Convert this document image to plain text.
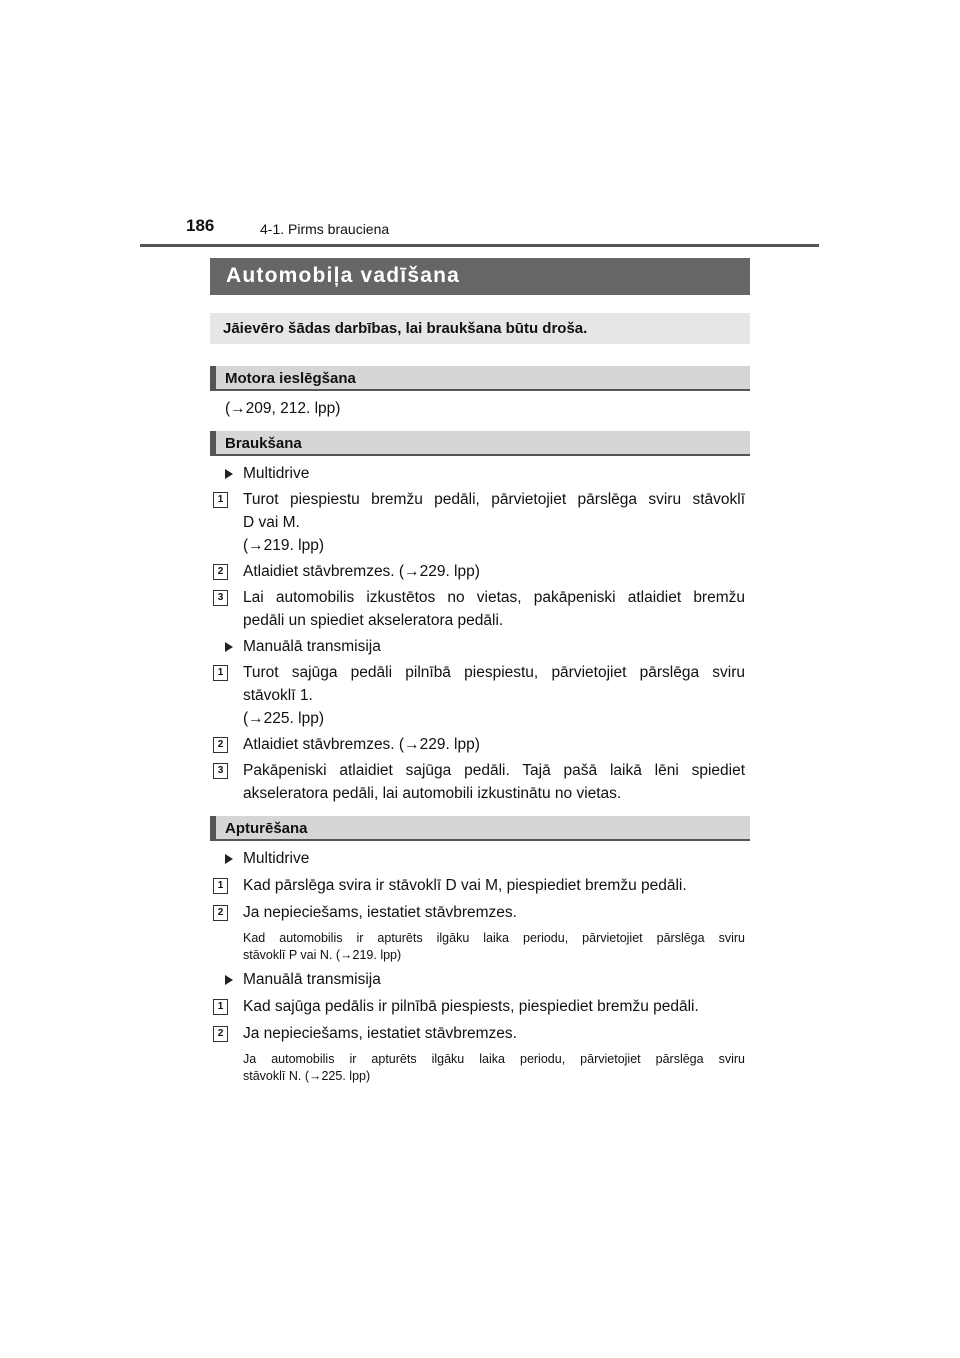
186	4-1. Pirms brauciena
Automobiļa vadīšana
Jāievēro šādas darbības, lai braukšana būtu droša.
Motora ieslēgšana
(→209, 212. lpp)
Braukšana
Multidrive
1	Turot piespiestu bremžu pedāli, pārvietojiet pārslēga sviru stāvoklī
D vai M.
(→219. lpp)
2	Atlaidiet stāvbremzes. (→229. lpp)
3	Lai automobilis izkustētos no vietas, pakāpeniski atlaidiet bremžu
pedāli un spiediet akseleratora pedāli.
Manuālā transmisija
1	Turot sajūga pedāli pilnībā piespiestu, pārvietojiet pārslēga sviru
stāvoklī 1.
(→225. lpp)
2	Atlaidiet stāvbremzes. (→229. lpp)
3	Pakāpeniski atlaidiet sajūga pedāli. Tajā pašā laikā lēni spiediet
akseleratora pedāli, lai automobili izkustinātu no vietas.
Apturēšana
Multidrive
1	Kad pārslēga svira ir stāvoklī D vai M, piespiediet bremžu pedāli.
2	Ja nepieciešams, iestatiet stāvbremzes.
Kad automobilis ir apturēts ilgāku laika periodu, pārvietojiet pārslēga sviru
stāvoklī P vai N. (→219. lpp)
Manuālā transmisija
1	Kad sajūga pedālis ir pilnībā piespiests, piespiediet bremžu pedāli.
2	Ja nepieciešams, iestatiet stāvbremzes.
Ja automobilis ir apturēts ilgāku laika periodu, pārvietojiet pārslēga sviru
stāvoklī N. (→225. lpp)
